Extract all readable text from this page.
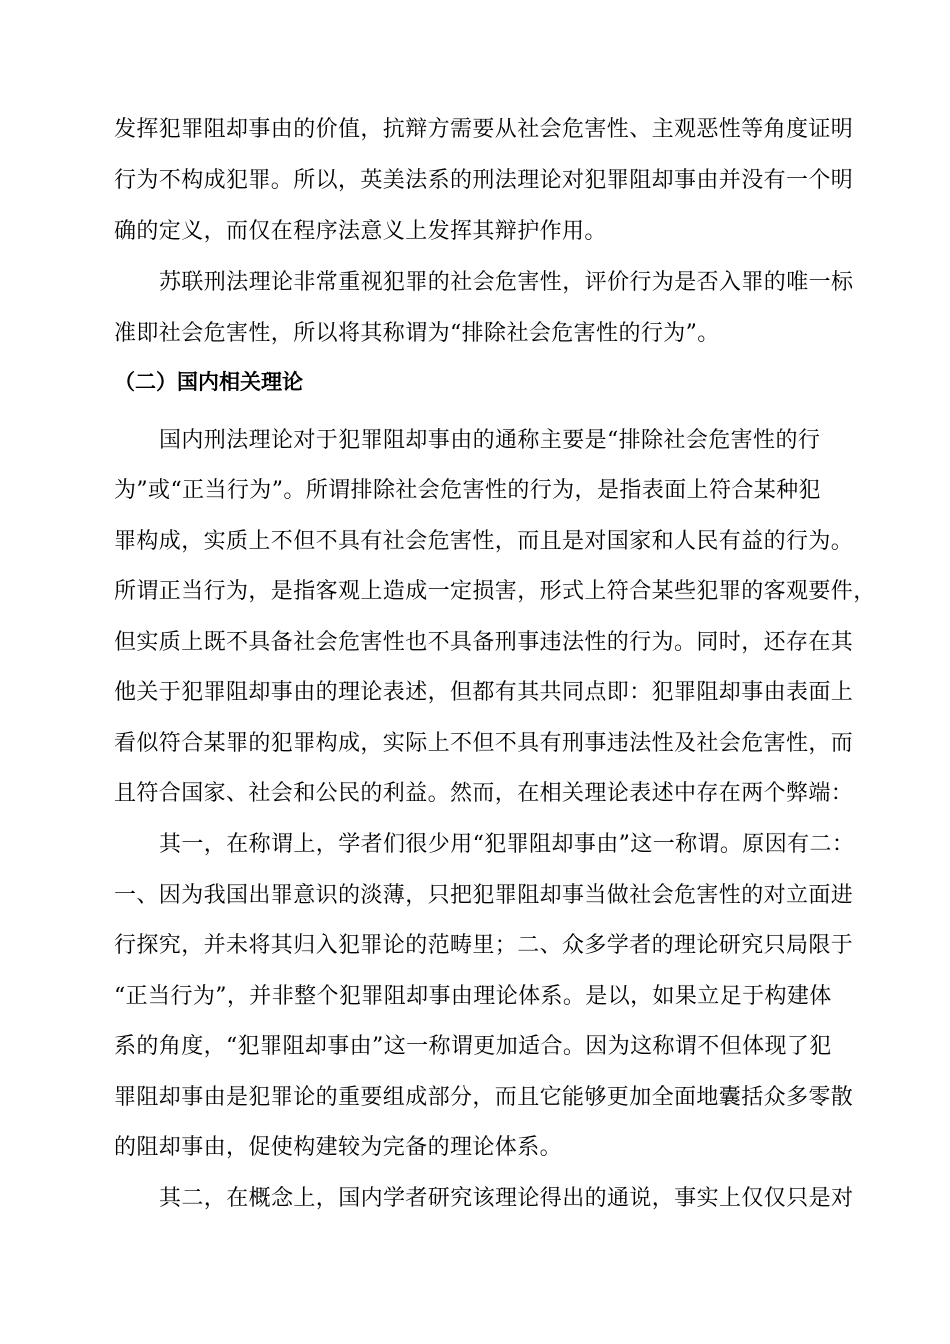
发挥犯罪阻却事由的价值，抗辩方需要从社会危害性、主观恶性等角度证明
行为不构成犯罪。所以，英美法系的刑法理论对犯罪阻却事由并没有一个明
确的定义，而仅在程序法意义上发挥其辩护作用。
苏联刑法理论非常重视犯罪的社会危害性，评价行为是否入罪的唯一标
准即社会危害性，所以将其称谓为“排除社会危害性的行为”。
（二）国内相关理论
国内刑法理论对于犯罪阻却事由的通称主要是“排除社会危害性的行
为”或“正当行为”。所谓排除社会危害性的行为，是指表面上符合某种犯
罪构成，实质上不但不具有社会危害性，而且是对国家和人民有益的行为。
所谓正当行为，是指客观上造成一定损害，形式上符合某些犯罪的客观要件，
但实质上既不具备社会危害性也不具备刑事违法性的行为。同时，还存在其
他关于犯罪阻却事由的理论表述，但都有其共同点即：犯罪阻却事由表面上
看似符合某罪的犯罪构成，实际上不但不具有刑事违法性及社会危害性，而
且符合国家、社会和公民的利益。然而，在相关理论表述中存在两个弊端：
其一，在称谓上，学者们很少用“犯罪阻却事由”这一称谓。原因有二：
一、因为我国出罪意识的淡薄，只把犯罪阻却事当做社会危害性的对立面进
行探究，并未将其归入犯罪论的范畴里；二、众多学者的理论研究只局限于
“正当行为”，并非整个犯罪阻却事由理论体系。是以，如果立足于构建体
系的角度，“犯罪阻却事由”这一称谓更加适合。因为这称谓不但体现了犯
罪阻却事由是犯罪论的重要组成部分，而且它能够更加全面地囊括众多零散
的阻却事由，促使构建较为完备的理论体系。
其二，在概念上，国内学者研究该理论得出的通说，事实上仅仅只是对
